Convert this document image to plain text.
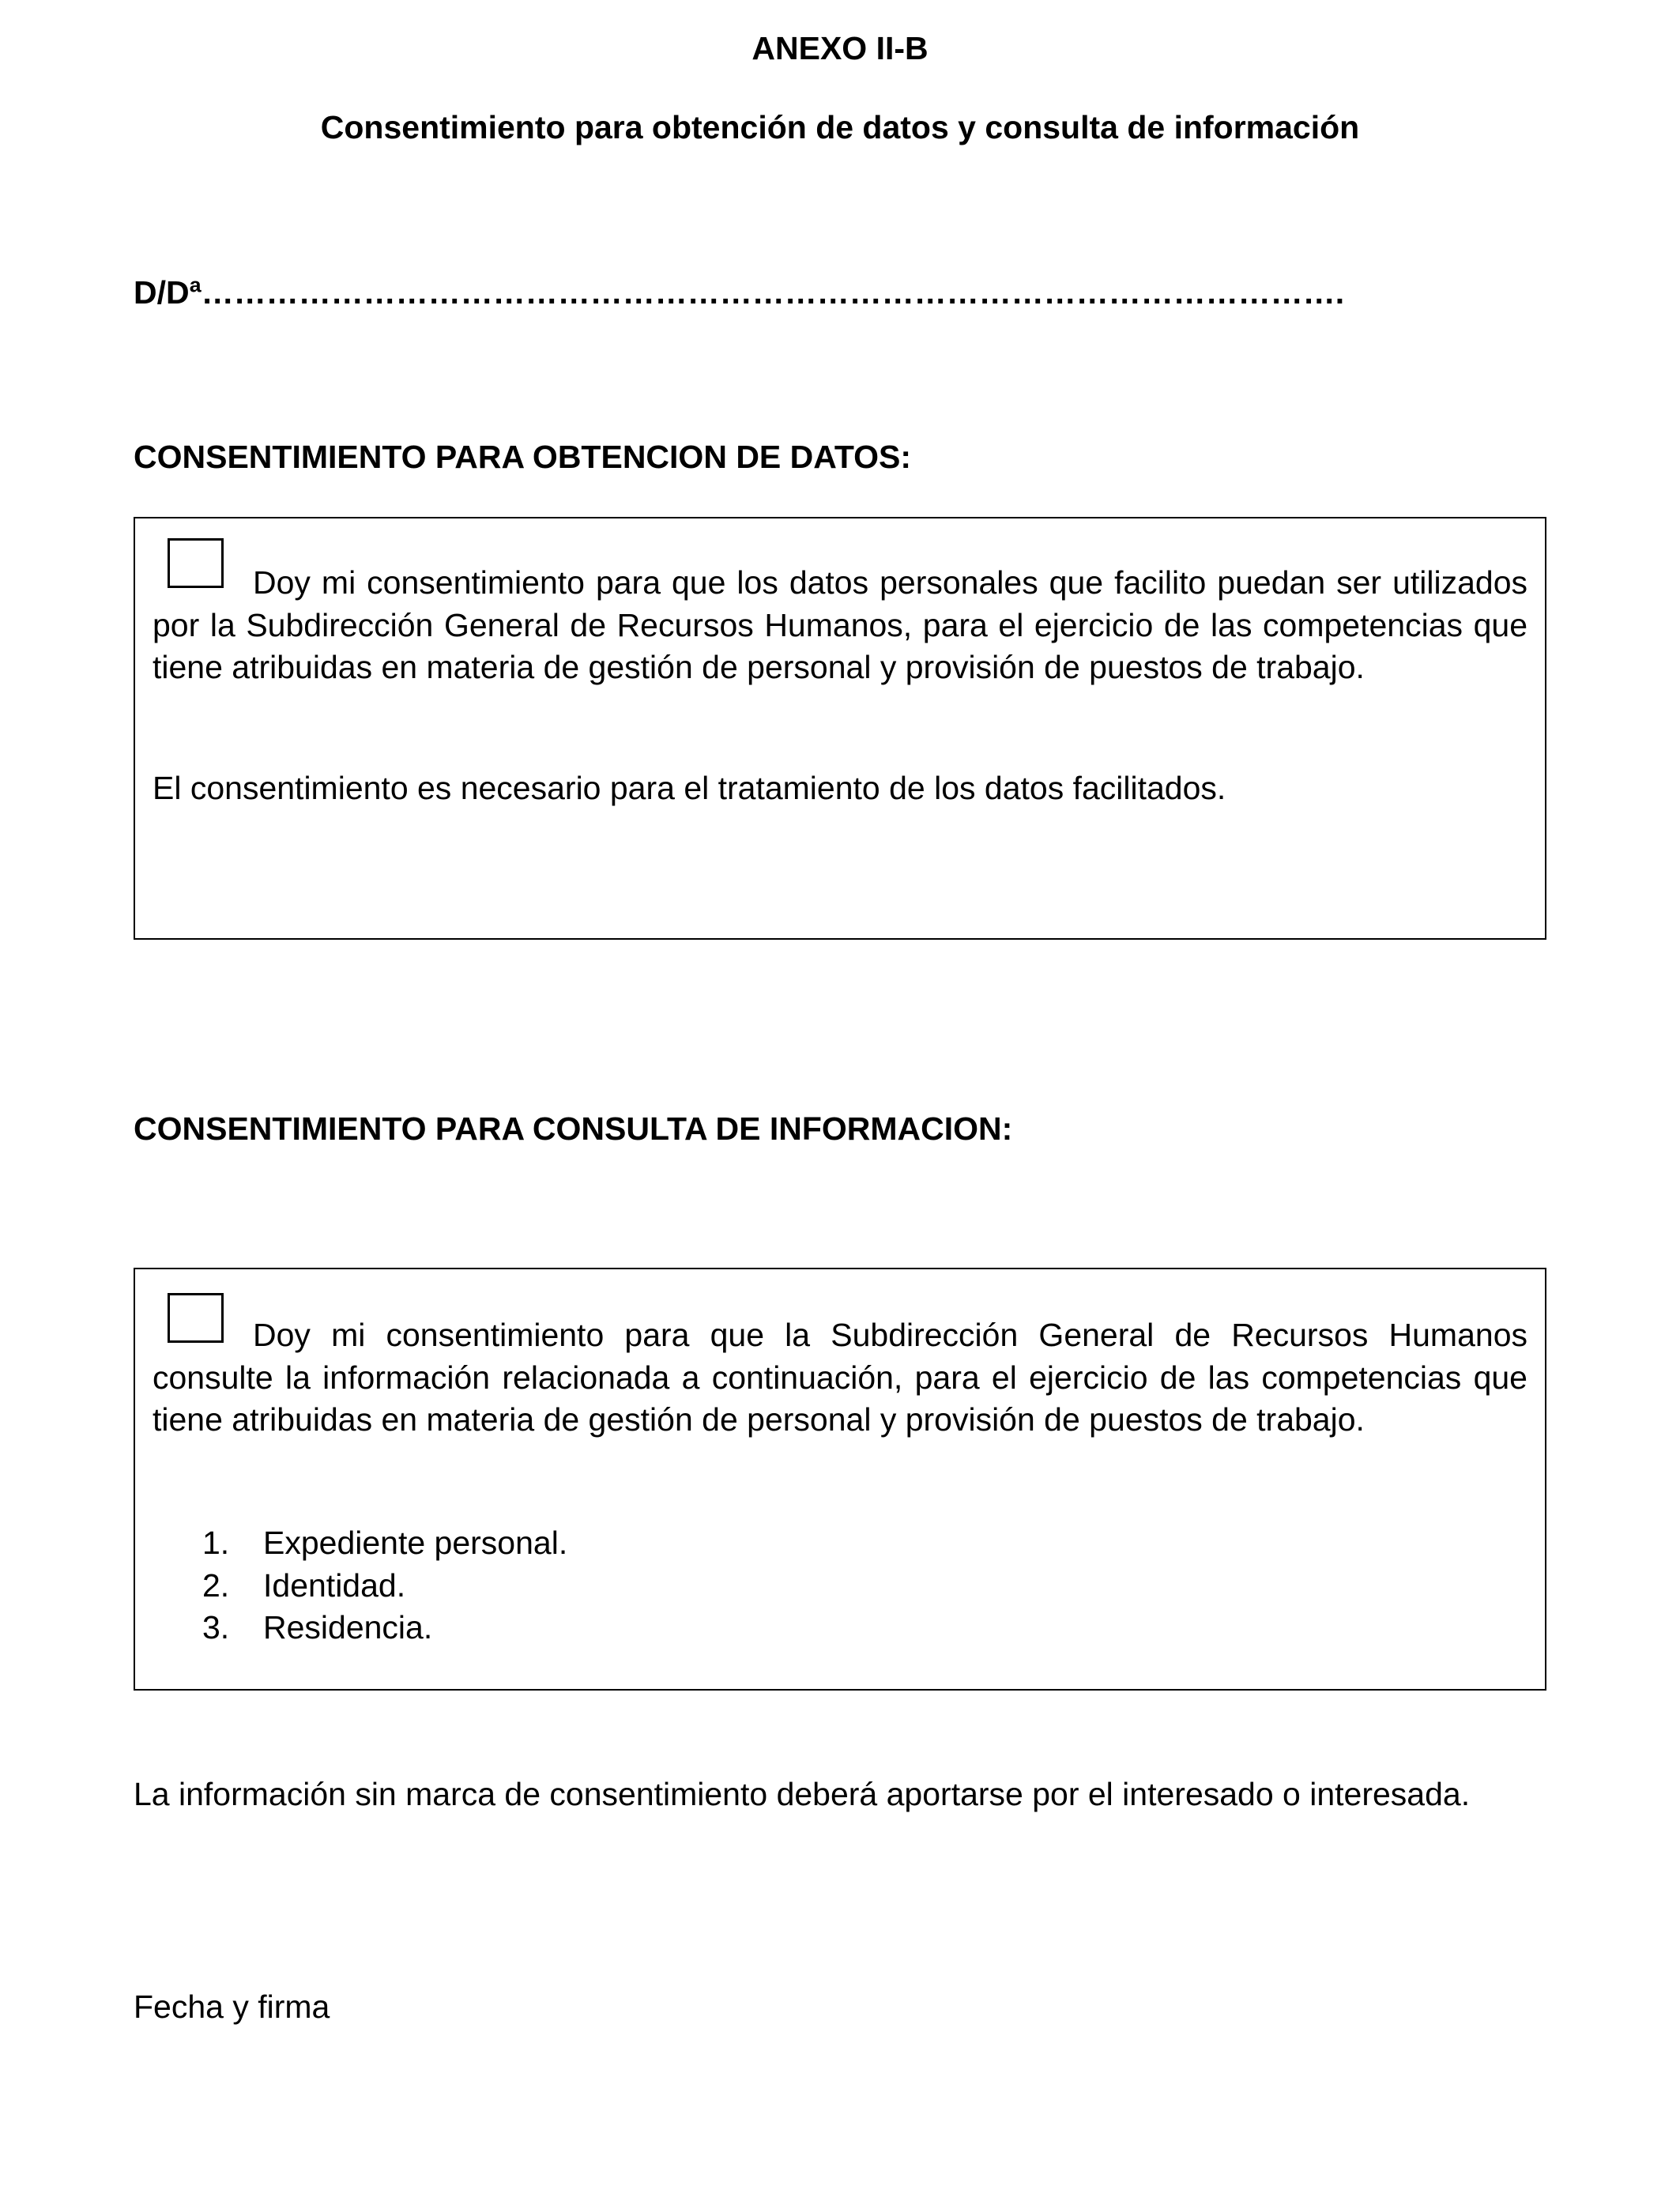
ANEXO II-B
Consentimiento para obtención de datos y consulta de información
D/Dª…………………………………………………………………………………………….
CONSENTIMIENTO PARA OBTENCION DE DATOS:

Doy mi consentimiento para que los datos personales que facilito puedan ser utilizados por la Subdirección General de Recursos Humanos, para el ejercicio de las competencias que tiene atribuidas en materia de gestión de personal y provisión de puestos de trabajo.

El consentimiento es necesario para el tratamiento de los datos facilitados.

CONSENTIMIENTO PARA CONSULTA DE INFORMACION:

Doy mi consentimiento para que la Subdirección General de Recursos Humanos consulte la información relacionada a continuación, para el ejercicio de las competencias que tiene atribuidas en materia de gestión de personal y provisión de puestos de trabajo.

1.	Expediente personal.
2.	Identidad.
3.	Residencia.

La información sin marca de consentimiento deberá aportarse por el interesado o interesada.

Fecha y firma
